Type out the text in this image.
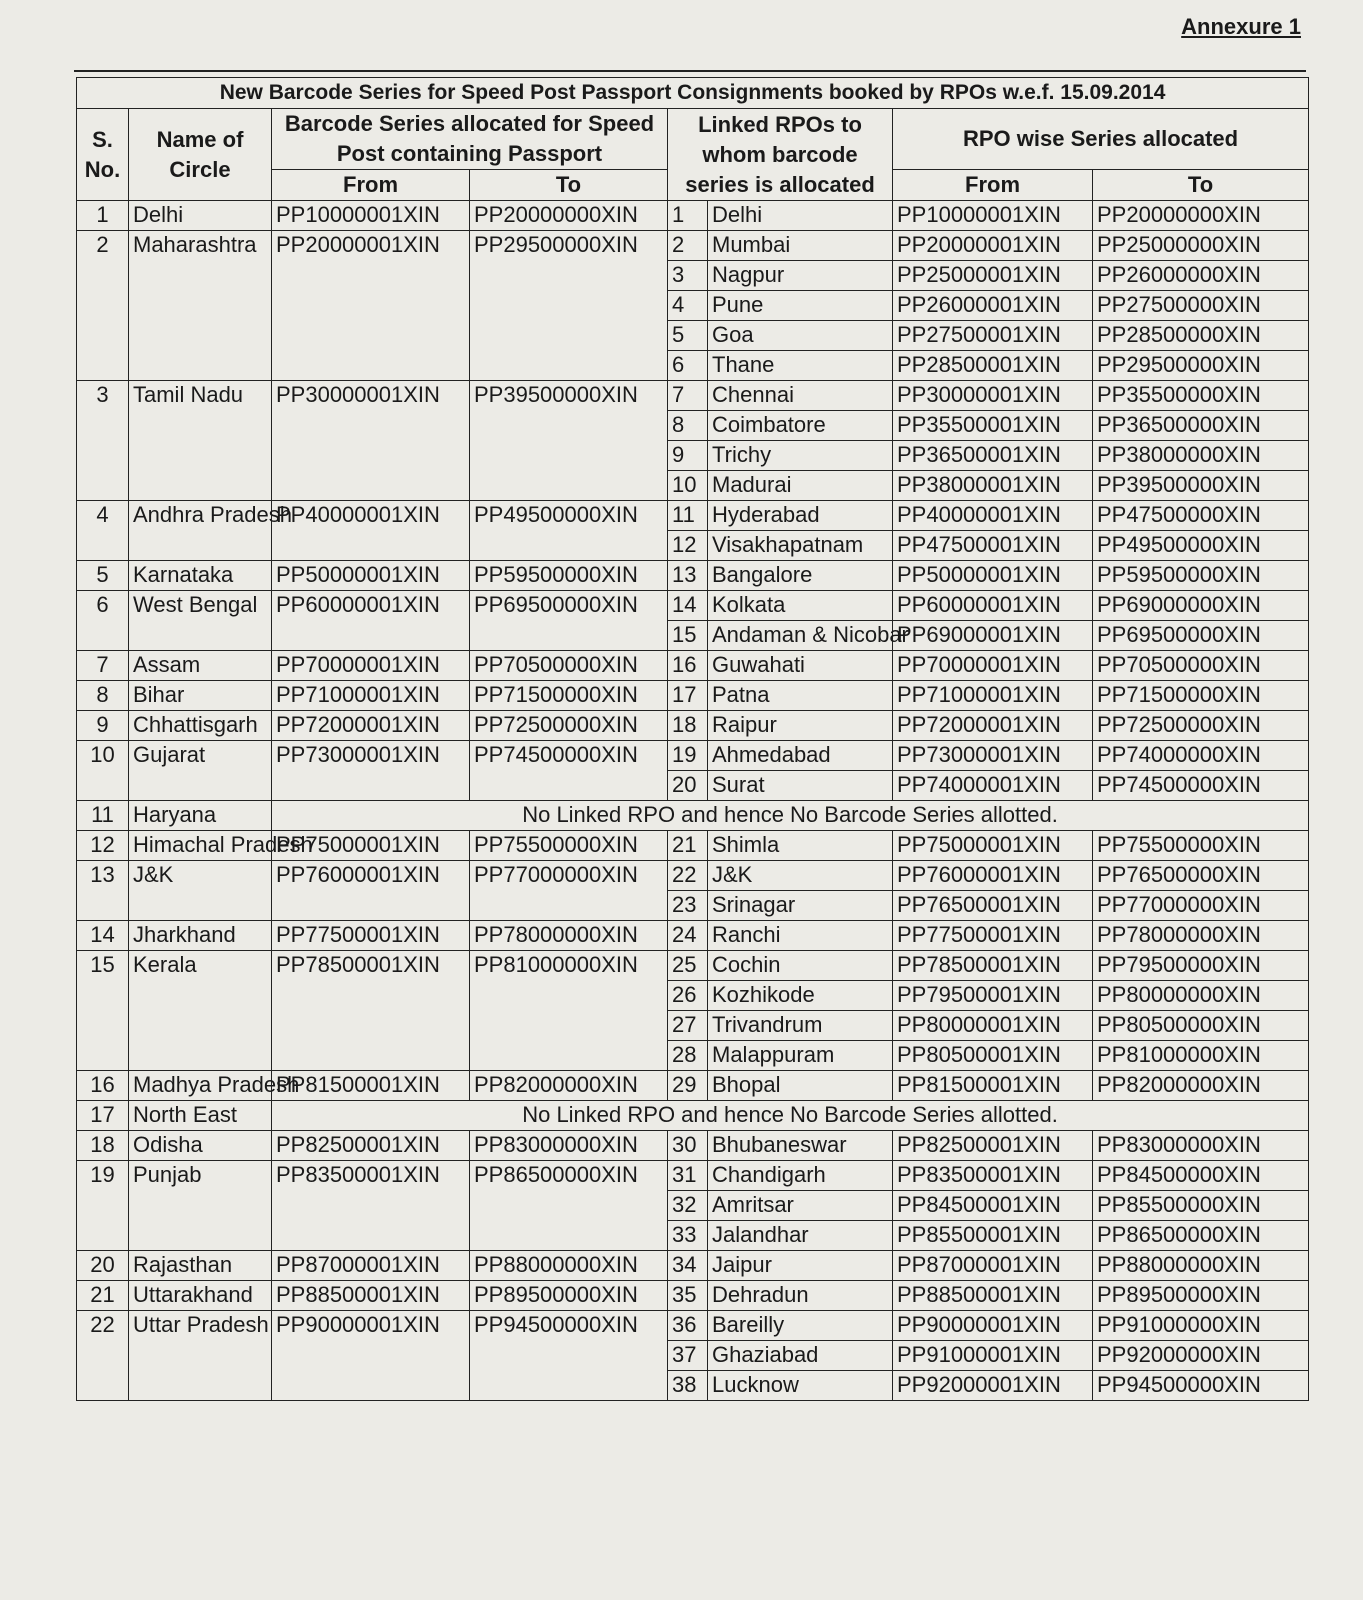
Annexure 1
New Barcode Series for Speed Post Passport Consignments booked by RPOs w.e.f. 15.09.2014							
S. No.	Name of Circle	Barcode Series allocated for Speed Post containing Passport		Linked RPOs to whom barcode series is allocated		RPO wise Series allocated	
		From	To			From	To
1	Delhi	PP10000001XIN	PP20000000XIN	1	Delhi	PP10000001XIN	PP20000000XIN
2	Maharashtra	PP20000001XIN	PP29500000XIN	2	Mumbai	PP20000001XIN	PP25000000XIN
				3	Nagpur	PP25000001XIN	PP26000000XIN
				4	Pune	PP26000001XIN	PP27500000XIN
				5	Goa	PP27500001XIN	PP28500000XIN
				6	Thane	PP28500001XIN	PP29500000XIN
3	Tamil Nadu	PP30000001XIN	PP39500000XIN	7	Chennai	PP30000001XIN	PP35500000XIN
				8	Coimbatore	PP35500001XIN	PP36500000XIN
				9	Trichy	PP36500001XIN	PP38000000XIN
				10	Madurai	PP38000001XIN	PP39500000XIN
4	Andhra Pradesh	PP40000001XIN	PP49500000XIN	11	Hyderabad	PP40000001XIN	PP47500000XIN
				12	Visakhapatnam	PP47500001XIN	PP49500000XIN
5	Karnataka	PP50000001XIN	PP59500000XIN	13	Bangalore	PP50000001XIN	PP59500000XIN
6	West Bengal	PP60000001XIN	PP69500000XIN	14	Kolkata	PP60000001XIN	PP69000000XIN
				15	Andaman & Nicobar	PP69000001XIN	PP69500000XIN
7	Assam	PP70000001XIN	PP70500000XIN	16	Guwahati	PP70000001XIN	PP70500000XIN
8	Bihar	PP71000001XIN	PP71500000XIN	17	Patna	PP71000001XIN	PP71500000XIN
9	Chhattisgarh	PP72000001XIN	PP72500000XIN	18	Raipur	PP72000001XIN	PP72500000XIN
10	Gujarat	PP73000001XIN	PP74500000XIN	19	Ahmedabad	PP73000001XIN	PP74000000XIN
				20	Surat	PP74000001XIN	PP74500000XIN
11	Haryana	No Linked RPO and hence No Barcode Series allotted.					
12	Himachal Pradesh	PP75000001XIN	PP75500000XIN	21	Shimla	PP75000001XIN	PP75500000XIN
13	J&K	PP76000001XIN	PP77000000XIN	22	J&K	PP76000001XIN	PP76500000XIN
				23	Srinagar	PP76500001XIN	PP77000000XIN
14	Jharkhand	PP77500001XIN	PP78000000XIN	24	Ranchi	PP77500001XIN	PP78000000XIN
15	Kerala	PP78500001XIN	PP81000000XIN	25	Cochin	PP78500001XIN	PP79500000XIN
				26	Kozhikode	PP79500001XIN	PP80000000XIN
				27	Trivandrum	PP80000001XIN	PP80500000XIN
				28	Malappuram	PP80500001XIN	PP81000000XIN
16	Madhya Pradesh	PP81500001XIN	PP82000000XIN	29	Bhopal	PP81500001XIN	PP82000000XIN
17	North East	No Linked RPO and hence No Barcode Series allotted.					
18	Odisha	PP82500001XIN	PP83000000XIN	30	Bhubaneswar	PP82500001XIN	PP83000000XIN
19	Punjab	PP83500001XIN	PP86500000XIN	31	Chandigarh	PP83500001XIN	PP84500000XIN
				32	Amritsar	PP84500001XIN	PP85500000XIN
				33	Jalandhar	PP85500001XIN	PP86500000XIN
20	Rajasthan	PP87000001XIN	PP88000000XIN	34	Jaipur	PP87000001XIN	PP88000000XIN
21	Uttarakhand	PP88500001XIN	PP89500000XIN	35	Dehradun	PP88500001XIN	PP89500000XIN
22	Uttar Pradesh	PP90000001XIN	PP94500000XIN	36	Bareilly	PP90000001XIN	PP91000000XIN
				37	Ghaziabad	PP91000001XIN	PP92000000XIN
				38	Lucknow	PP92000001XIN	PP94500000XIN
